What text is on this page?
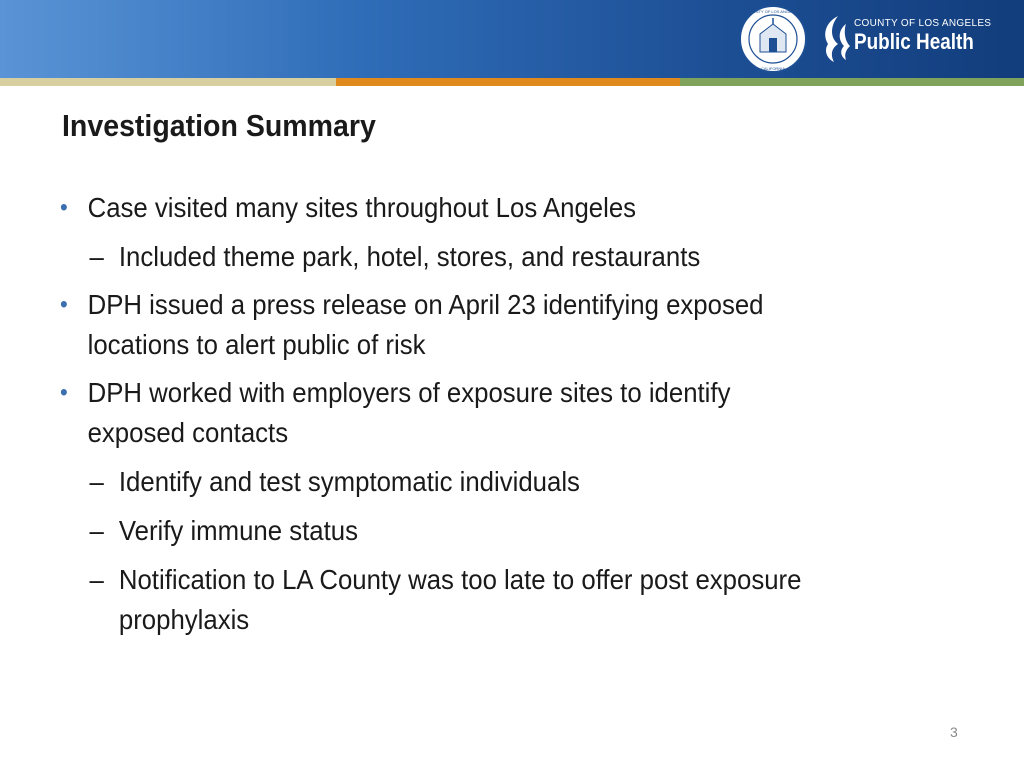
COUNTY OF LOS ANGELES
CALIFORNIA
COUNTY OF LOS ANGELES
Public Health
Investigation Summary
• Case visited many sites throughout Los Angeles
– Included theme park, hotel, stores, and restaurants
• DPH issued a press release on April 23 identifying exposed
locations to alert public of risk
• DPH worked with employers of exposure sites to identify
exposed contacts
– Identify and test symptomatic individuals
– Verify immune status
– Notification to LA County was too late to offer post exposure
prophylaxis
3
